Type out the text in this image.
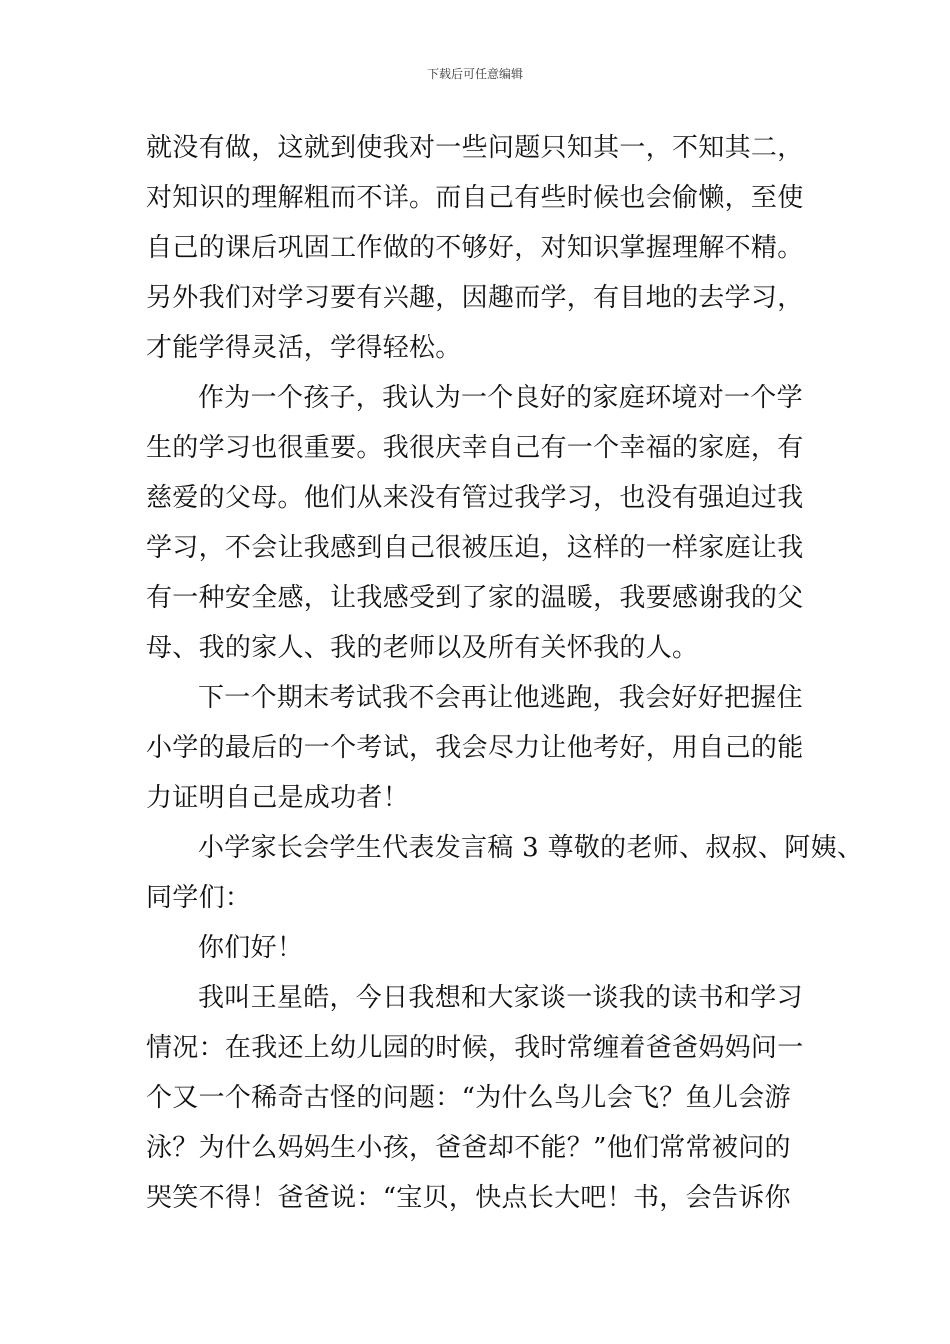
下载后可任意编辑
就没有做，这就到使我对一些问题只知其一，不知其二，
对知识的理解粗而不详。而自己有些时候也会偷懒，至使
自己的课后巩固工作做的不够好，对知识掌握理解不精。
另外我们对学习要有兴趣，因趣而学，有目地的去学习，
才能学得灵活，学得轻松。
作为一个孩子，我认为一个良好的家庭环境对一个学
生的学习也很重要。我很庆幸自己有一个幸福的家庭，有
慈爱的父母。他们从来没有管过我学习，也没有强迫过我
学习，不会让我感到自己很被压迫，这样的一样家庭让我
有一种安全感，让我感受到了家的温暖，我要感谢我的父
母、我的家人、我的老师以及所有关怀我的人。
下一个期末考试我不会再让他逃跑，我会好好把握住
小学的最后的一个考试，我会尽力让他考好，用自己的能
力证明自己是成功者！
小学家长会学生代表发言稿 3 尊敬的老师、叔叔、阿姨、
同学们：
你们好！
我叫王星皓，今日我想和大家谈一谈我的读书和学习
情况：在我还上幼儿园的时候，我时常缠着爸爸妈妈问一
个又一个稀奇古怪的问题：“为什么鸟儿会飞？鱼儿会游
泳？为什么妈妈生小孩，爸爸却不能？”他们常常被问的
哭笑不得！爸爸说：“宝贝，快点长大吧！书，会告诉你
